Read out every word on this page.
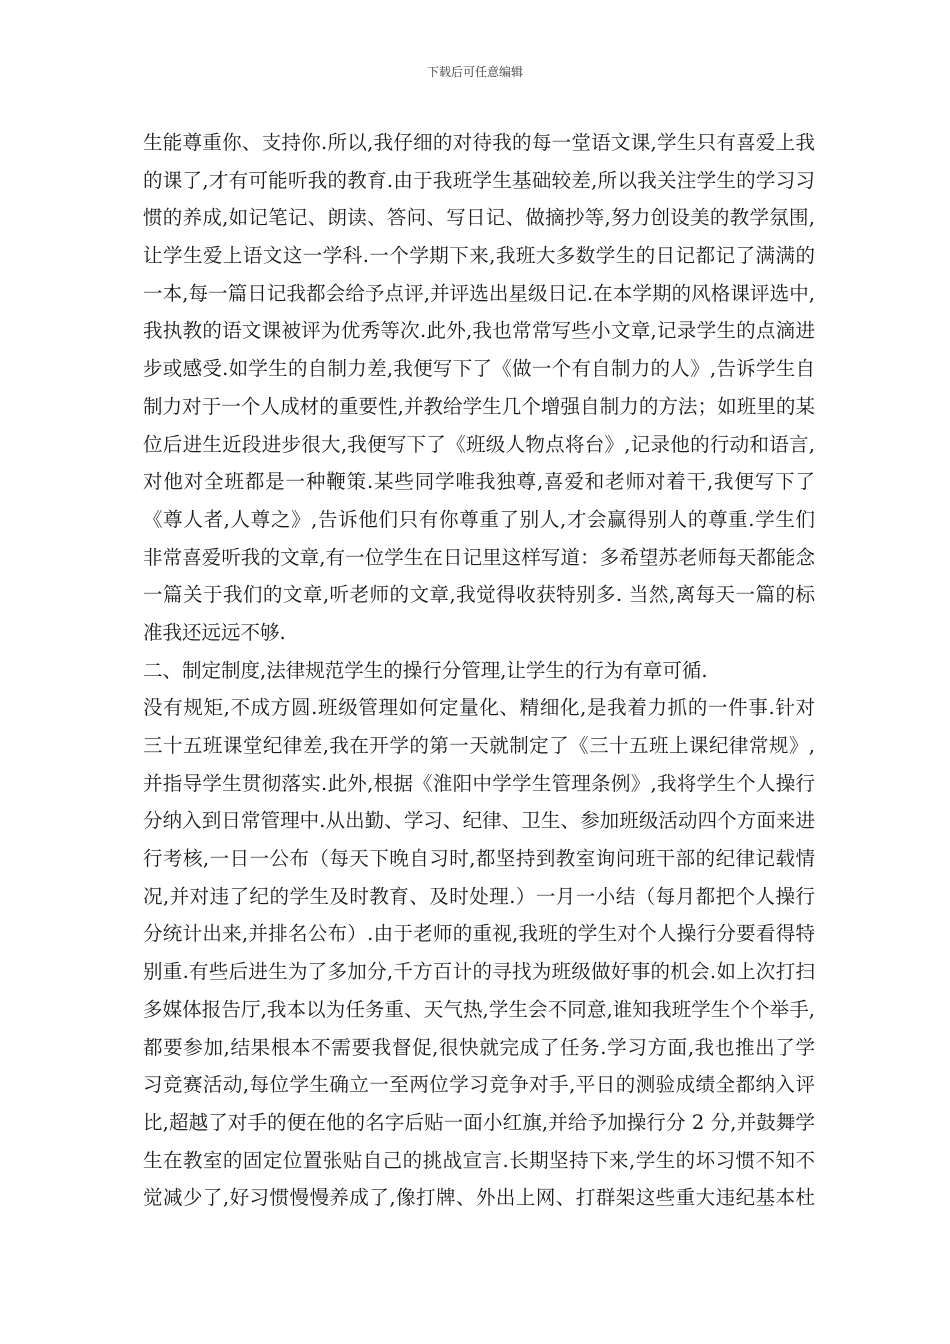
下载后可任意编辑
生能尊重你、支持你.所以,我仔细的对待我的每一堂语文课,学生只有喜爱上我
的课了,才有可能听我的教育.由于我班学生基础较差,所以我关注学生的学习习
惯的养成,如记笔记、朗读、答问、写日记、做摘抄等,努力创设美的教学氛围,
让学生爱上语文这一学科.一个学期下来,我班大多数学生的日记都记了满满的
一本,每一篇日记我都会给予点评,并评选出星级日记.在本学期的风格课评选中,
我执教的语文课被评为优秀等次.此外,我也常常写些小文章,记录学生的点滴进
步或感受.如学生的自制力差,我便写下了《做一个有自制力的人》,告诉学生自
制力对于一个人成材的重要性,并教给学生几个增强自制力的方法；如班里的某
位后进生近段进步很大,我便写下了《班级人物点将台》,记录他的行动和语言,
对他对全班都是一种鞭策.某些同学唯我独尊,喜爱和老师对着干,我便写下了
《尊人者,人尊之》,告诉他们只有你尊重了别人,才会赢得别人的尊重.学生们
非常喜爱听我的文章,有一位学生在日记里这样写道：多希望苏老师每天都能念
一篇关于我们的文章,听老师的文章,我觉得收获特别多. 当然,离每天一篇的标
准我还远远不够.
二、制定制度,法律规范学生的操行分管理,让学生的行为有章可循.
没有规矩,不成方圆.班级管理如何定量化、精细化,是我着力抓的一件事.针对
三十五班课堂纪律差,我在开学的第一天就制定了《三十五班上课纪律常规》,
并指导学生贯彻落实.此外,根据《淮阳中学学生管理条例》,我将学生个人操行
分纳入到日常管理中.从出勤、学习、纪律、卫生、参加班级活动四个方面来进
行考核,一日一公布（每天下晚自习时,都坚持到教室询问班干部的纪律记载情
况,并对违了纪的学生及时教育、及时处理.）一月一小结（每月都把个人操行
分统计出来,并排名公布）.由于老师的重视,我班的学生对个人操行分要看得特
别重.有些后进生为了多加分,千方百计的寻找为班级做好事的机会.如上次打扫
多媒体报告厅,我本以为任务重、天气热,学生会不同意,谁知我班学生个个举手,
都要参加,结果根本不需要我督促,很快就完成了任务.学习方面,我也推出了学
习竞赛活动,每位学生确立一至两位学习竞争对手,平日的测验成绩全都纳入评
比,超越了对手的便在他的名字后贴一面小红旗,并给予加操行分 2 分,并鼓舞学
生在教室的固定位置张贴自己的挑战宣言.长期坚持下来,学生的坏习惯不知不
觉减少了,好习惯慢慢养成了,像打牌、外出上网、打群架这些重大违纪基本杜
